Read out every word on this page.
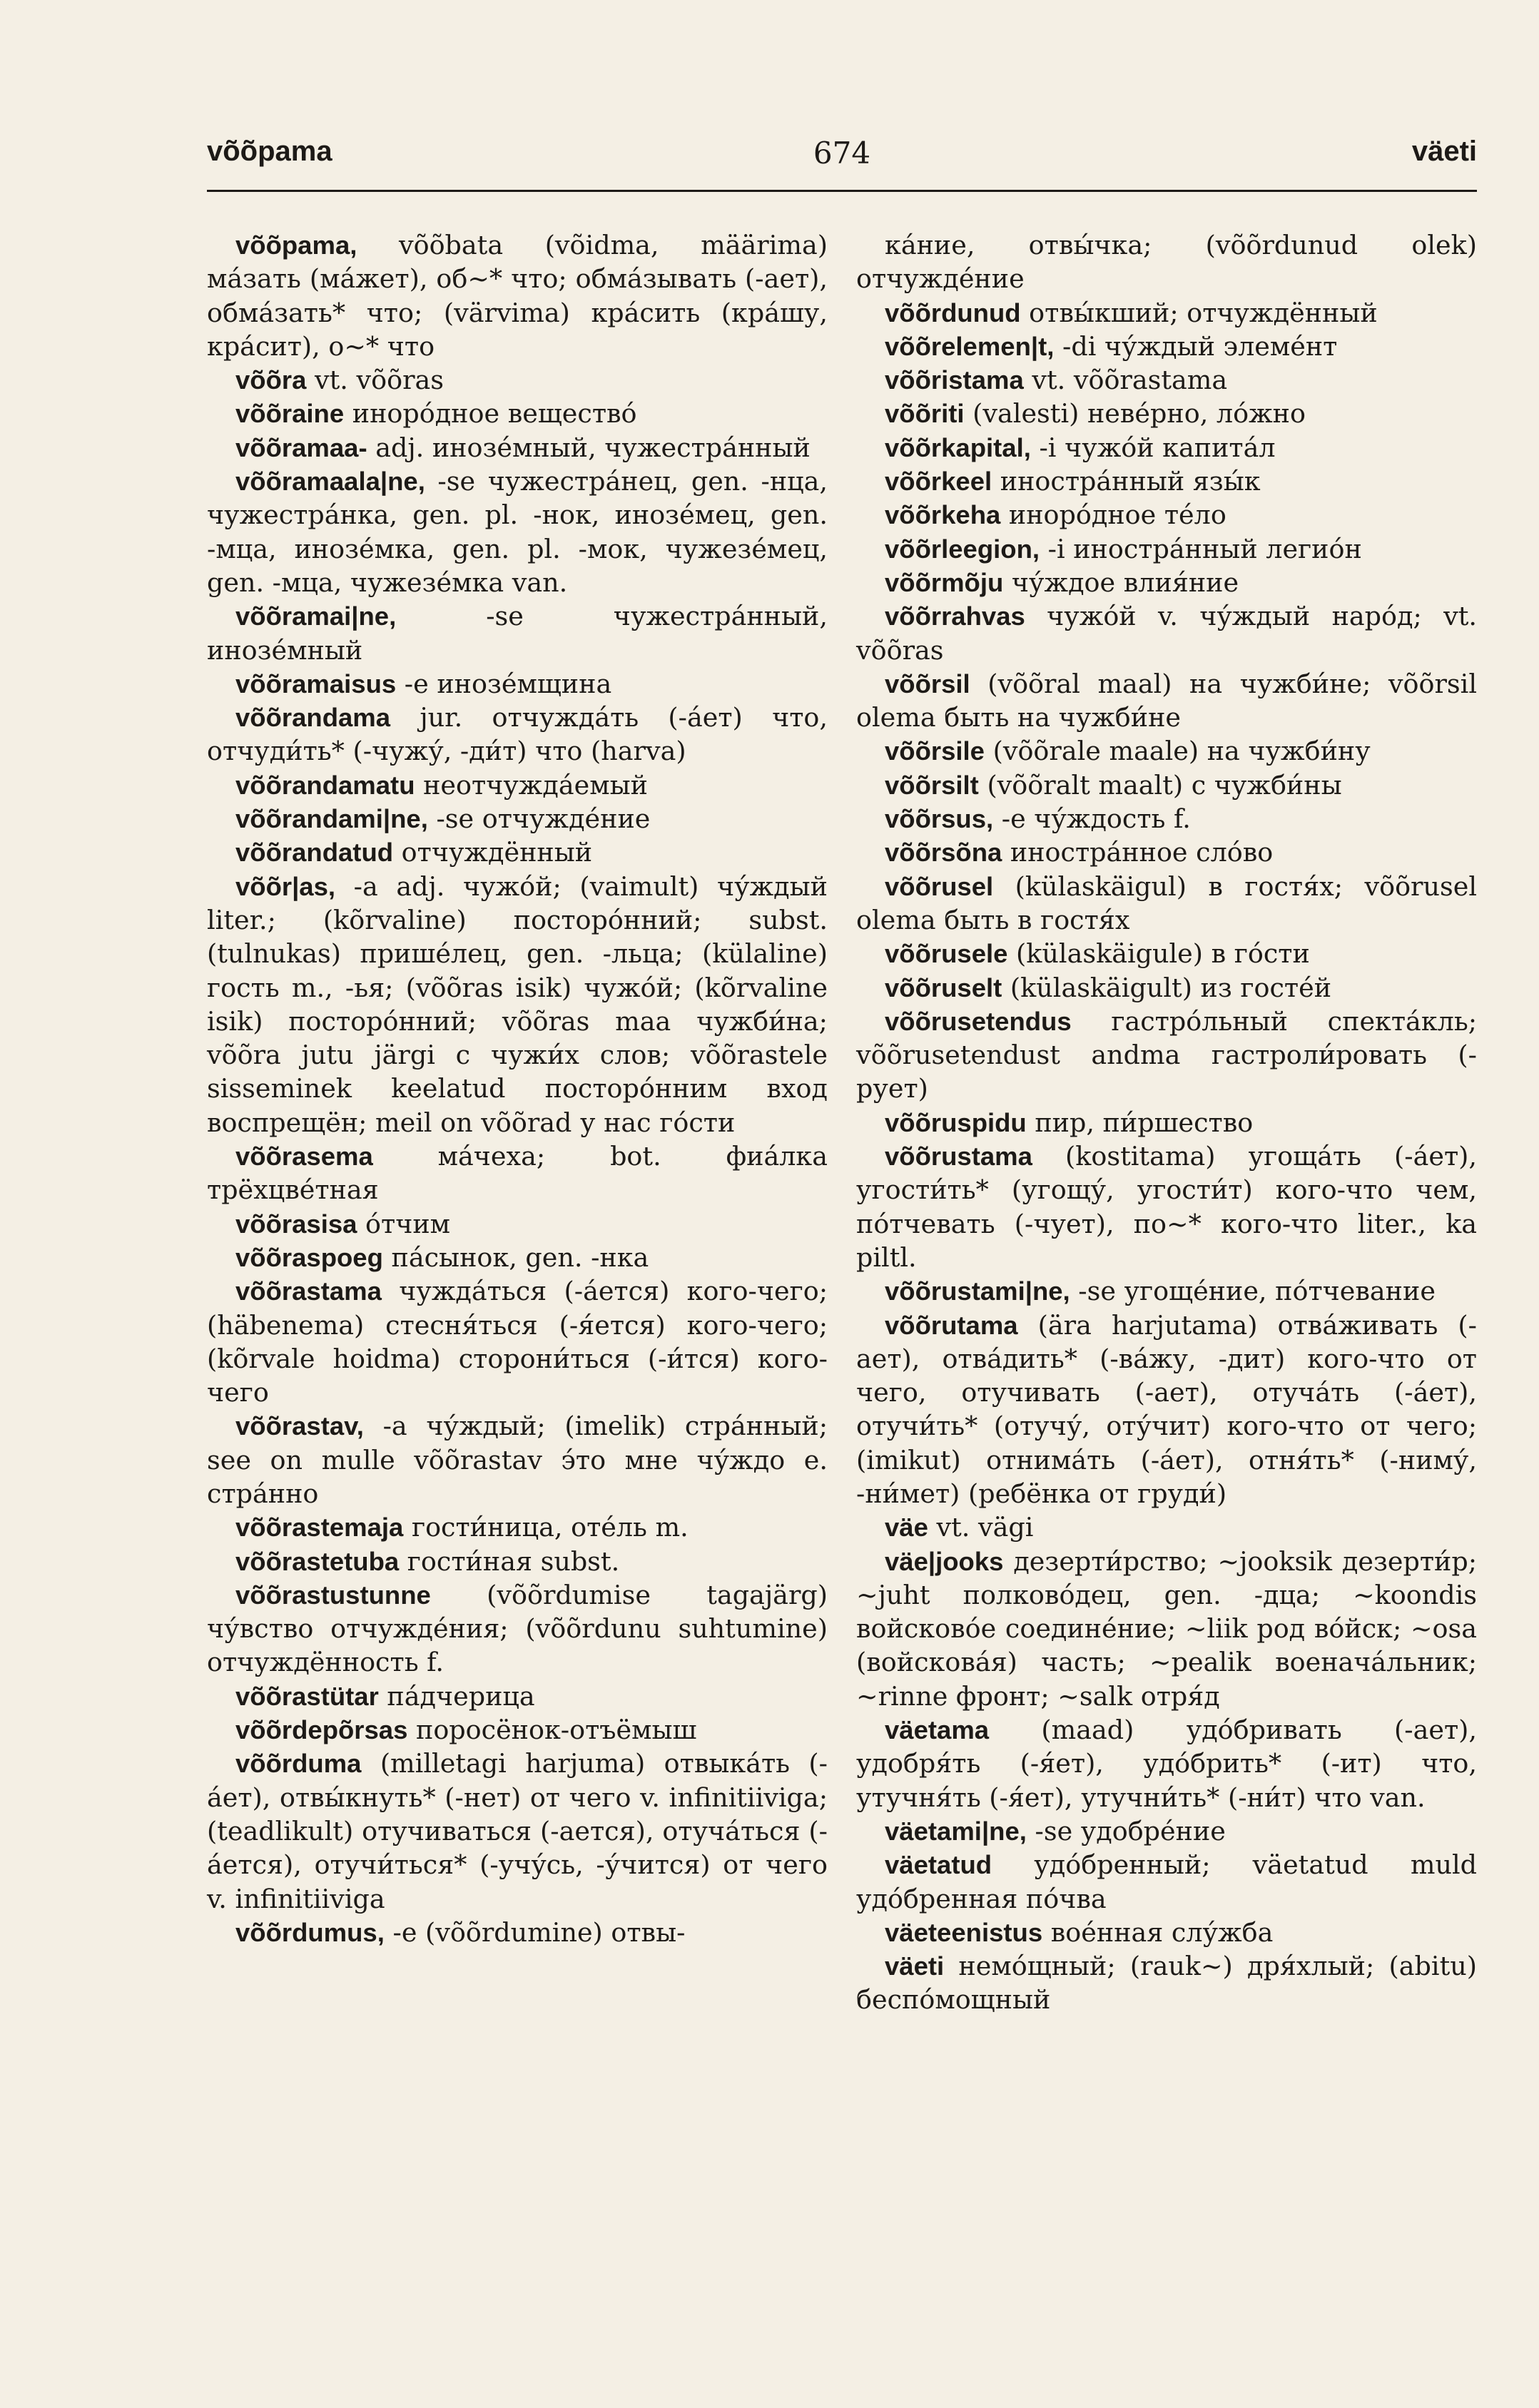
võõpama	674	väeti

võõpama, võõbata (võidma, määrima) ма́зать (ма́жет), об~* что; обма́зывать (-ает), обма́зать* что; (värvima) кра́сить (кра́шу, кра́сит), о~* что

võõra vt. võõras

võõraine иноро́дное вещество́

võõramaa- adj. инозе́мный, чужестра́нный

võõramaala|ne, -se чужестра́нец, gen. -нца, чужестра́нка, gen. pl. -нок, инозе́мец, gen. -мца, инозе́мка, gen. pl. -мок, чужезе́мец, gen. -мца, чужезе́мка van.

võõramai|ne, -se чужестра́нный, инозе́мный

võõramaisus -e инозе́мщина

võõrandama jur. отчужда́ть (-а́ет) что, отчуди́ть* (-чужу́, -ди́т) что (harva)

võõrandamatu неотчужда́емый

võõrandami|ne, -se отчужде́ние

võõrandatud отчуждённый

võõr|as, -a adj. чужо́й; (vaimult) чу́ждый liter.; (kõrvaline) посторо́нний; subst. (tulnukas) прише́лец, gen. -льца; (külaline) гость m., -ья; (võõras isik) чужо́й; (kõrvaline isik) посторо́нний; võõras maa чужби́на; võõra jutu järgi с чужи́х слов; võõrastele sisseminek keelatud посторо́нним вход воспрещён; meil on võõrad у нас го́сти

võõrasema ма́чеха; bot. фиа́лка трёхцве́тная

võõrasisa о́тчим

võõraspoeg па́сынок, gen. -нка

võõrastama чужда́ться (-а́ется) кого-чего; (häbenema) стесня́ться (-я́ется) кого-чего; (kõrvale hoidma) сторони́ться (-и́тся) кого-чего

võõrastav, -a чу́ждый; (imelik) стра́нный; see on mulle võõrastav э́то мне чу́ждо e. стра́нно

võõrastemaja гости́ница, оте́ль m.

võõrastetuba гости́ная subst.

võõrastustunne (võõrdumise tagajärg) чу́вство отчужде́ния; (võõrdunu suhtumine) отчуждённость f.

võõrastütar па́дчерица

võõrdepõrsas поросёнок-отъёмыш

võõrduma (milletagi harjuma) отвыка́ть (-а́ет), отвы́кнуть* (-нет) от чего v. infinitiiviga; (teadlikult) отучиваться (-ается), отуча́ться (-а́ется), отучи́ться* (-учу́сь, -у́чится) от чего v. infinitiiviga

võõrdumus, -e (võõrdumine) отвы-

ка́ние, отвы́чка; (võõrdunud olek) отчужде́ние

võõrdunud отвы́кший; отчуждённый

võõrelemen|t, -di чу́ждый элеме́нт

võõristama vt. võõrastama

võõriti (valesti) неве́рно, ло́жно

võõrkapital, -i чужо́й капита́л

võõrkeel иностра́нный язы́к

võõrkeha иноро́дное те́ло

võõrleegion, -i иностра́нный легио́н

võõrmõju чу́ждое влия́ние

võõrrahvas чужо́й v. чу́ждый наро́д; vt. võõras

võõrsil (võõral maal) на чужби́не; võõrsil olema быть на чужби́не

võõrsile (võõrale maale) на чужби́ну

võõrsilt (võõralt maalt) с чужби́ны

võõrsus, -e чу́ждость f.

võõrsõna иностра́нное сло́во

võõrusel (külaskäigul) в гостя́х; võõrusel olema быть в гостя́х

võõrusele (külaskäigule) в го́сти

võõruselt (külaskäigult) из госте́й

võõrusetendus гастро́льный спекта́кль; võõrusetendust andma гастроли́ровать (-рует)

võõruspidu пир, пи́ршество

võõrustama (kostitama) угоща́ть (-а́ет), угости́ть* (угощу́, угости́т) кого-что чем, по́тчевать (-чует), по~* кого-что liter., ka piltl.

võõrustami|ne, -se угоще́ние, по́тчевание

võõrutama (ära harjutama) отва́живать (-ает), отва́дить* (-ва́жу, -дит) кого-что от чего, отучивать (-ает), отуча́ть (-а́ет), отучи́ть* (отучу́, оту́чит) кого-что от чего; (imikut) отнима́ть (-а́ет), отня́ть* (-ниму́, -ни́мет) (ребёнка от груди́)

väe vt. vägi

väe|jooks дезерти́рство; ~jooksik дезерти́р; ~juht полково́дец, gen. -дца; ~koondis войсково́е соедине́ние; ~liik род во́йск; ~osa (войскова́я) часть; ~pealik военача́льник; ~rinne фронт; ~salk отря́д

väetama (maad) удо́бривать (-ает), удобря́ть (-я́ет), удо́брить* (-ит) что, утучня́ть (-я́ет), утучни́ть* (-ни́т) что van.

väetami|ne, -se удобре́ние

väetatud удо́бренный; väetatud muld удо́бренная по́чва

väeteenistus вое́нная слу́жба

väeti немо́щный; (rauk~) дря́хлый; (abitu) беспо́мощный
